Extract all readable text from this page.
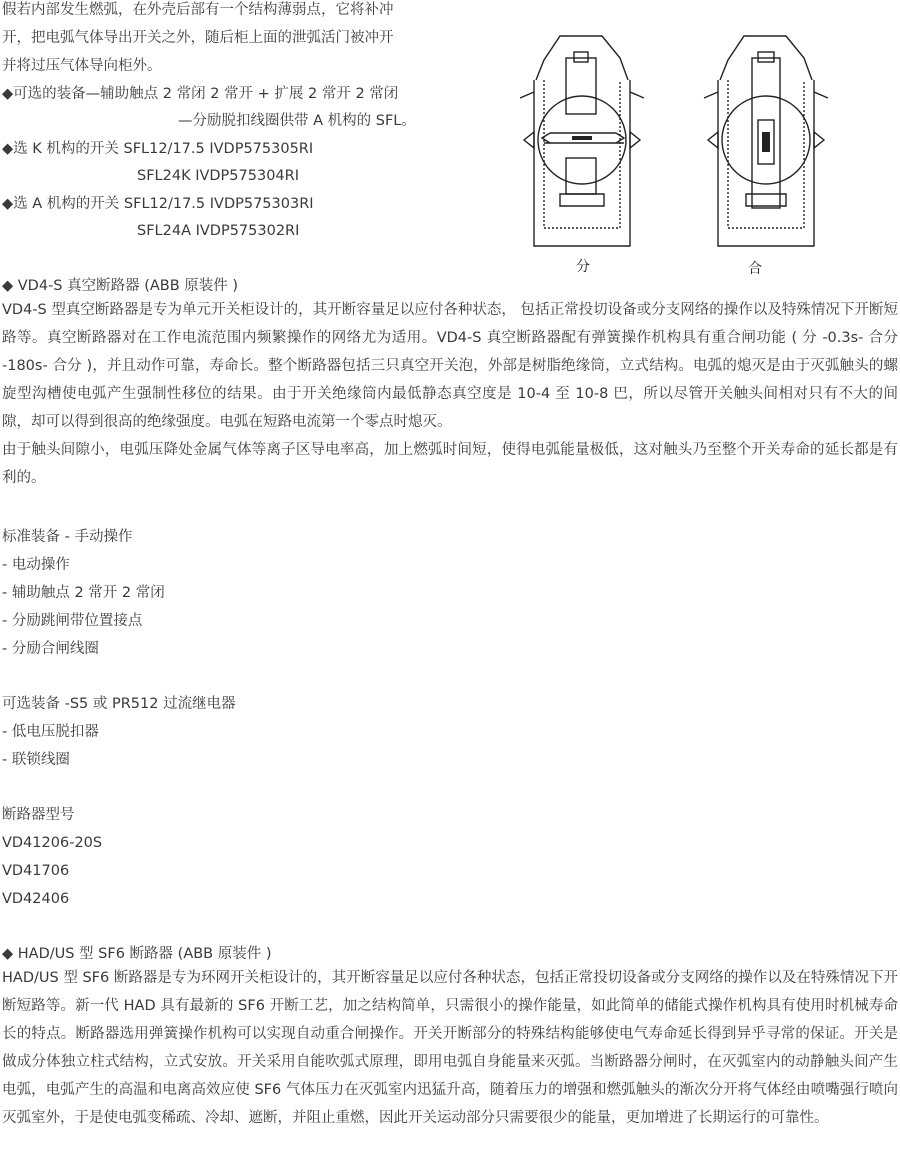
假若内部发生燃弧，在外壳后部有一个结构薄弱点，它将补冲
开，把电弧气体导出开关之外，随后柜上面的泄弧活门被冲开
并将过压气体导向柜外。
◆可选的装备—辅助触点 2 常闭 2 常开 + 扩展 2 常开 2 常闭
—分励脱扣线圈供带 A 机构的 SFL。
◆选 K 机构的开关 SFL12/17.5 IVDP575305RI
SFL24K IVDP575304RI
◆选 A 机构的开关 SFL12/17.5 IVDP575303RI
SFL24A IVDP575302RI
分	合
◆ VD4-S 真空断路器 (ABB 原装件 )
VD4-S 型真空断路器是专为单元开关柜设计的，其开断容量足以应付各种状态， 包括正常投切设备或分支网络的操作以及特殊情况下开断短路等。真空断路器对在工作电流范围内频繁操作的网络尤为适用。VD4-S 真空断路器配有弹簧操作机构具有重合闸功能 ( 分 -0.3s- 合分 -180s- 合分 )，并且动作可靠，寿命长。整个断路器包括三只真空开关泡，外部是树脂绝缘筒，立式结构。电弧的熄灭是由于灭弧触头的螺旋型沟槽使电弧产生强制性移位的结果。由于开关绝缘筒内最低静态真空度是 10-4 至 10-8 巴，所以尽管开关触头间相对只有不大的间隙，却可以得到很高的绝缘强度。电弧在短路电流第一个零点时熄灭。
由于触头间隙小，电弧压降处金属气体等离子区导电率高，加上燃弧时间短，使得电弧能量极低，这对触头乃至整个开关寿命的延长都是有利的。
标准装备 - 手动操作
- 电动操作
- 辅助触点 2 常开 2 常闭
- 分励跳闸带位置接点
- 分励合闸线圈
可选装备 -S5 或 PR512 过流继电器
- 低电压脱扣器
- 联锁线圈
断路器型号
VD41206-20S
VD41706
VD42406
◆ HAD/US 型 SF6 断路器 (ABB 原装件 )
HAD/US 型 SF6 断路器是专为环网开关柜设计的，其开断容量足以应付各种状态，包括正常投切设备或分支网络的操作以及在特殊情况下开断短路等。新一代 HAD 具有最新的 SF6 开断工艺，加之结构简单，只需很小的操作能量，如此简单的储能式操作机构具有使用时机械寿命长的特点。断路器选用弹簧操作机构可以实现自动重合闸操作。开关开断部分的特殊结构能够使电气寿命延长得到异乎寻常的保证。开关是做成分体独立柱式结构，立式安放。开关采用自能吹弧式原理，即用电弧自身能量来灭弧。当断路器分闸时，在灭弧室内的动静触头间产生电弧，电弧产生的高温和电离高效应使 SF6 气体压力在灭弧室内迅猛升高，随着压力的增强和燃弧触头的渐次分开将气体经由喷嘴强行喷向灭弧室外，于是使电弧变稀疏、冷却、遮断，并阻止重燃，因此开关运动部分只需要很少的能量，更加增进了长期运行的可靠性。
